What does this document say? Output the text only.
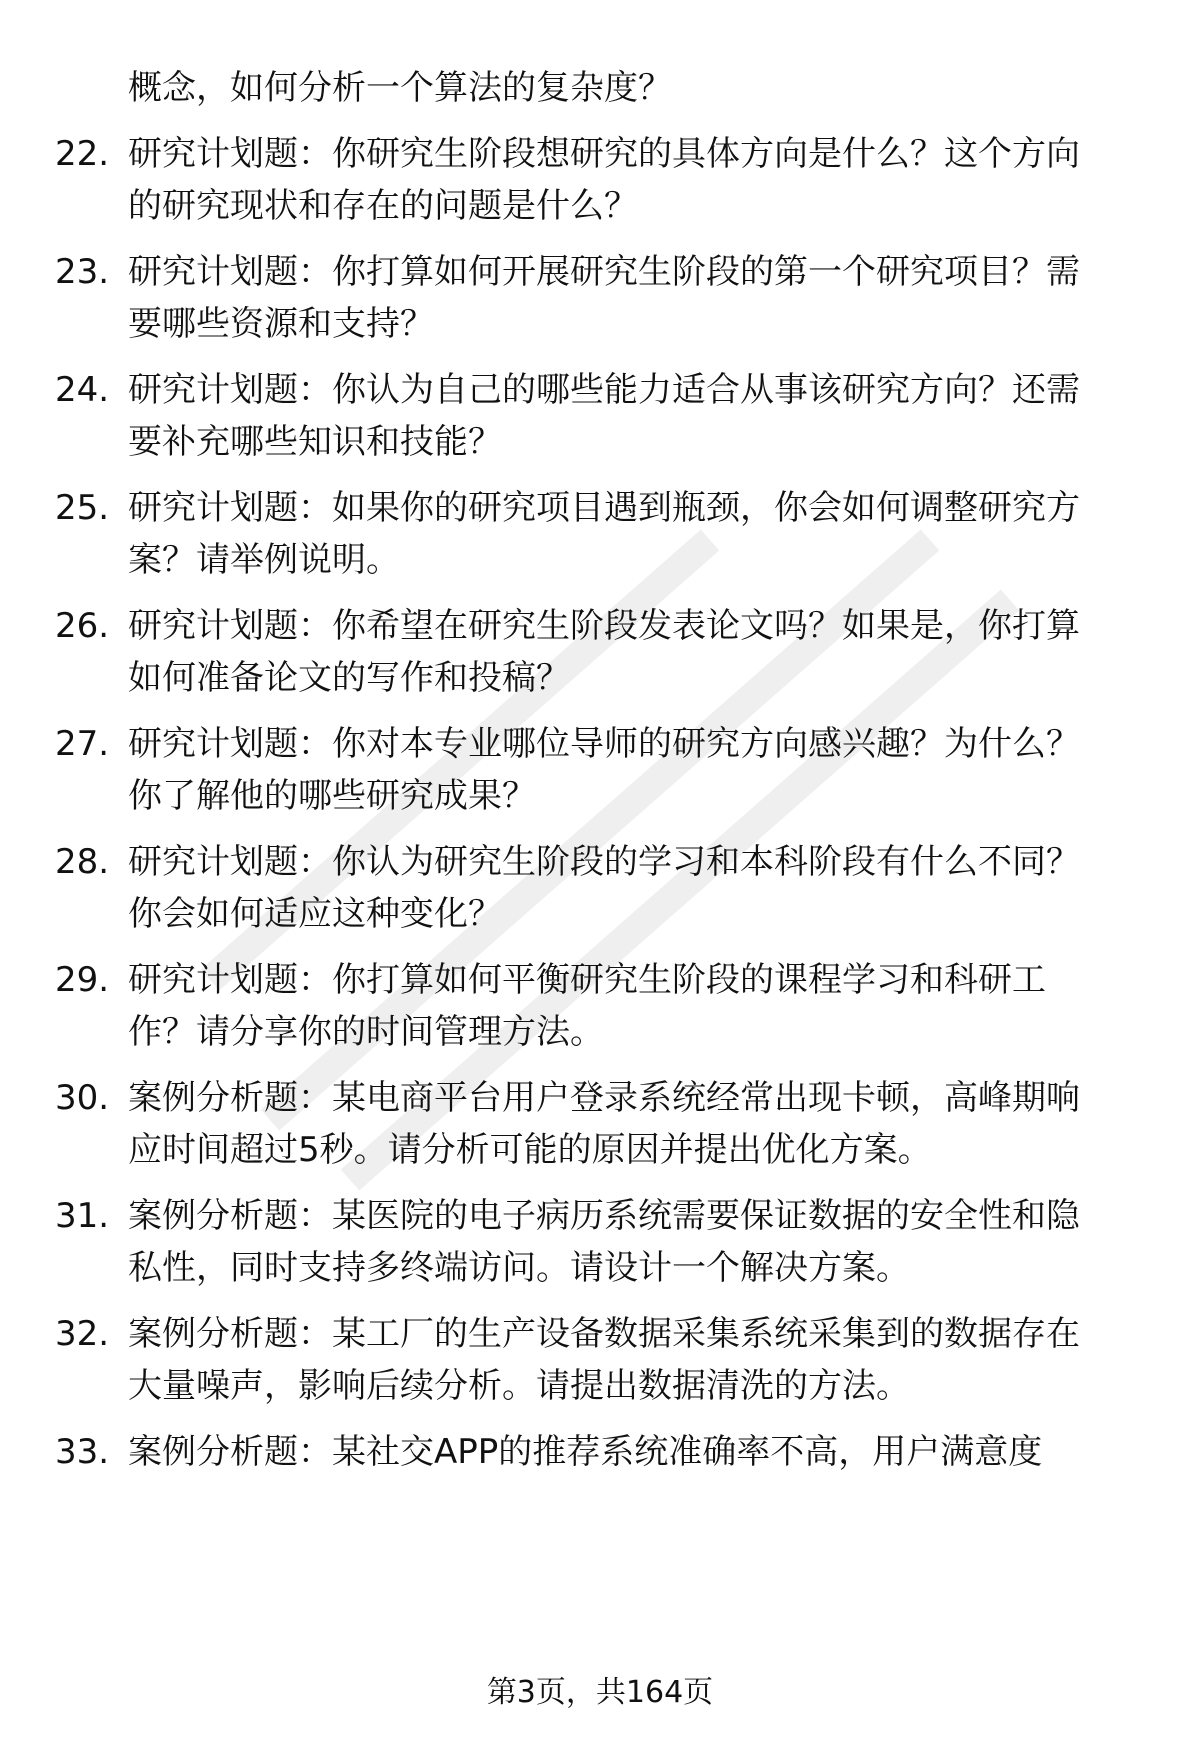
概念，如何分析一个算法的复杂度？
22. 研究计划题：你研究生阶段想研究的具体方向是什么？这个方向
的研究现状和存在的问题是什么？
23. 研究计划题：你打算如何开展研究生阶段的第一个研究项目？需
要哪些资源和支持？
24. 研究计划题：你认为自己的哪些能力适合从事该研究方向？还需
要补充哪些知识和技能？
25. 研究计划题：如果你的研究项目遇到瓶颈，你会如何调整研究方
案？请举例说明。
26. 研究计划题：你希望在研究生阶段发表论文吗？如果是，你打算
如何准备论文的写作和投稿？
27. 研究计划题：你对本专业哪位导师的研究方向感兴趣？为什么？
你了解他的哪些研究成果？
28. 研究计划题：你认为研究生阶段的学习和本科阶段有什么不同？
你会如何适应这种变化？
29. 研究计划题：你打算如何平衡研究生阶段的课程学习和科研工
作？请分享你的时间管理方法。
30. 案例分析题：某电商平台用户登录系统经常出现卡顿，高峰期响
应时间超过5秒。请分析可能的原因并提出优化方案。
31. 案例分析题：某医院的电子病历系统需要保证数据的安全性和隐
私性，同时支持多终端访问。请设计一个解决方案。
32. 案例分析题：某工厂的生产设备数据采集系统采集到的数据存在
大量噪声，影响后续分析。请提出数据清洗的方法。
33. 案例分析题：某社交APP的推荐系统准确率不高，用户满意度
第3页，共164页
